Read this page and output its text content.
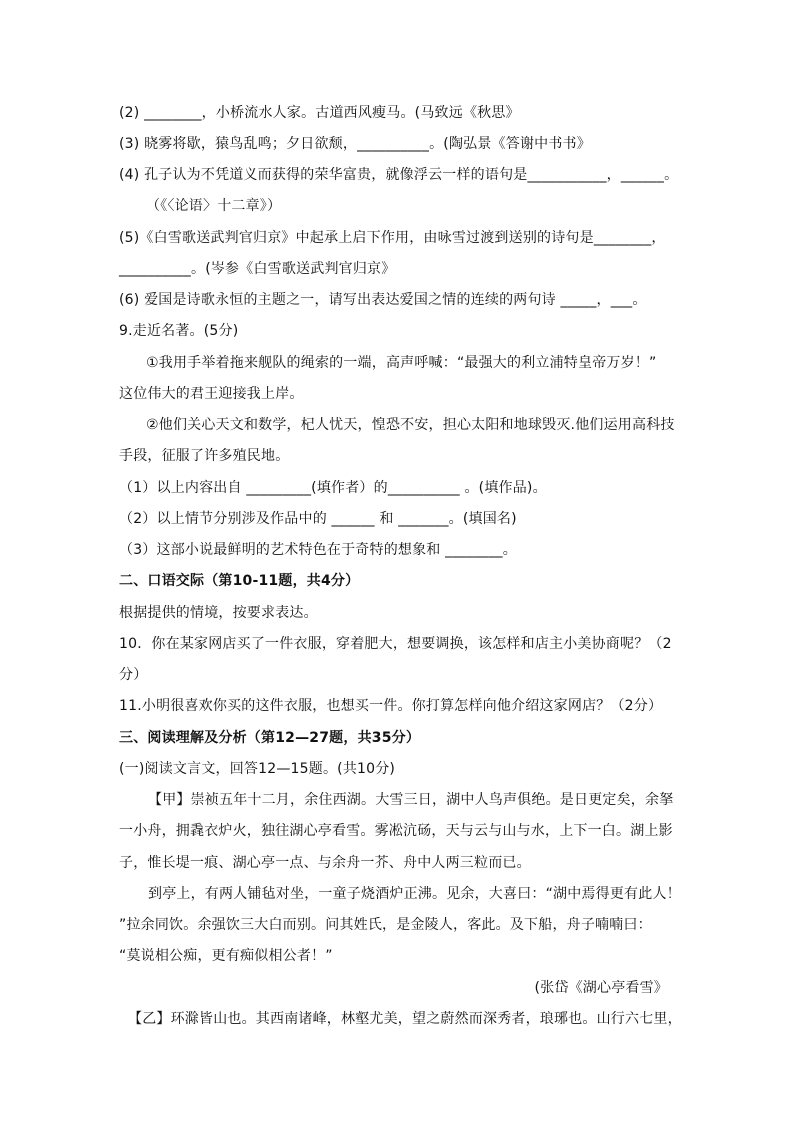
(2) ________，小桥流水人家。古道西风瘦马。(马致远《秋思》
(3) 晓雾将歇，猿鸟乱鸣；夕日欲颓，__________。(陶弘景《答谢中书书》
(4) 孔子认为不凭道义而获得的荣华富贵，就像浮云一样的语句是___________，______。
（《〈论语〉十二章》）
(5)《白雪歌送武判官归京》中起承上启下作用，由咏雪过渡到送别的诗句是________，
__________。(岑参《白雪歌送武判官归京》
(6) 爱国是诗歌永恒的主题之一，请写出表达爱国之情的连续的两句诗 _____，___。
9.走近名著。(5分)
①我用手举着拖来舰队的绳索的一端，高声呼喊：“最强大的利立浦特皇帝万岁！”
这位伟大的君王迎接我上岸。
②他们关心天文和数学，杞人忧天，惶恐不安，担心太阳和地球毁灭.他们运用高科技
手段，征服了许多殖民地。
（1）以上内容出自 _________(填作者）的__________ 。(填作品)。
（2）以上情节分别涉及作品中的 ______ 和 _______。(填国名)
（3）这部小说最鲜明的艺术特色在于奇特的想象和 ________。
二、口语交际（第10-11题，共4分）
根据提供的情境，按要求表达。
10．你在某家网店买了一件衣服，穿着肥大，想要调换，该怎样和店主小美协商呢？（2
分）
11.小明很喜欢你买的这件衣服，也想买一件。你打算怎样向他介绍这家网店？（2分）
三、阅读理解及分析（第12—27题，共35分）
(一)阅读文言文，回答12—15题。(共10分)
【甲】崇祯五年十二月，余住西湖。大雪三日，湖中人鸟声俱绝。是日更定矣，余拏
一小舟，拥毳衣炉火，独往湖心亭看雪。雾凇沆砀，天与云与山与水，上下一白。湖上影
子，惟长堤一痕、湖心亭一点、与余舟一芥、舟中人两三粒而已。
到亭上，有两人铺毡对坐，一童子烧酒炉正沸。见余，大喜曰：“湖中焉得更有此人！
”拉余同饮。余强饮三大白而别。问其姓氏，是金陵人，客此。及下船，舟子喃喃曰：
“莫说相公痴，更有痴似相公者！”
(张岱《湖心亭看雪》
【乙】环滁皆山也。其西南诸峰，林壑尤美，望之蔚然而深秀者，琅琊也。山行六七里，
